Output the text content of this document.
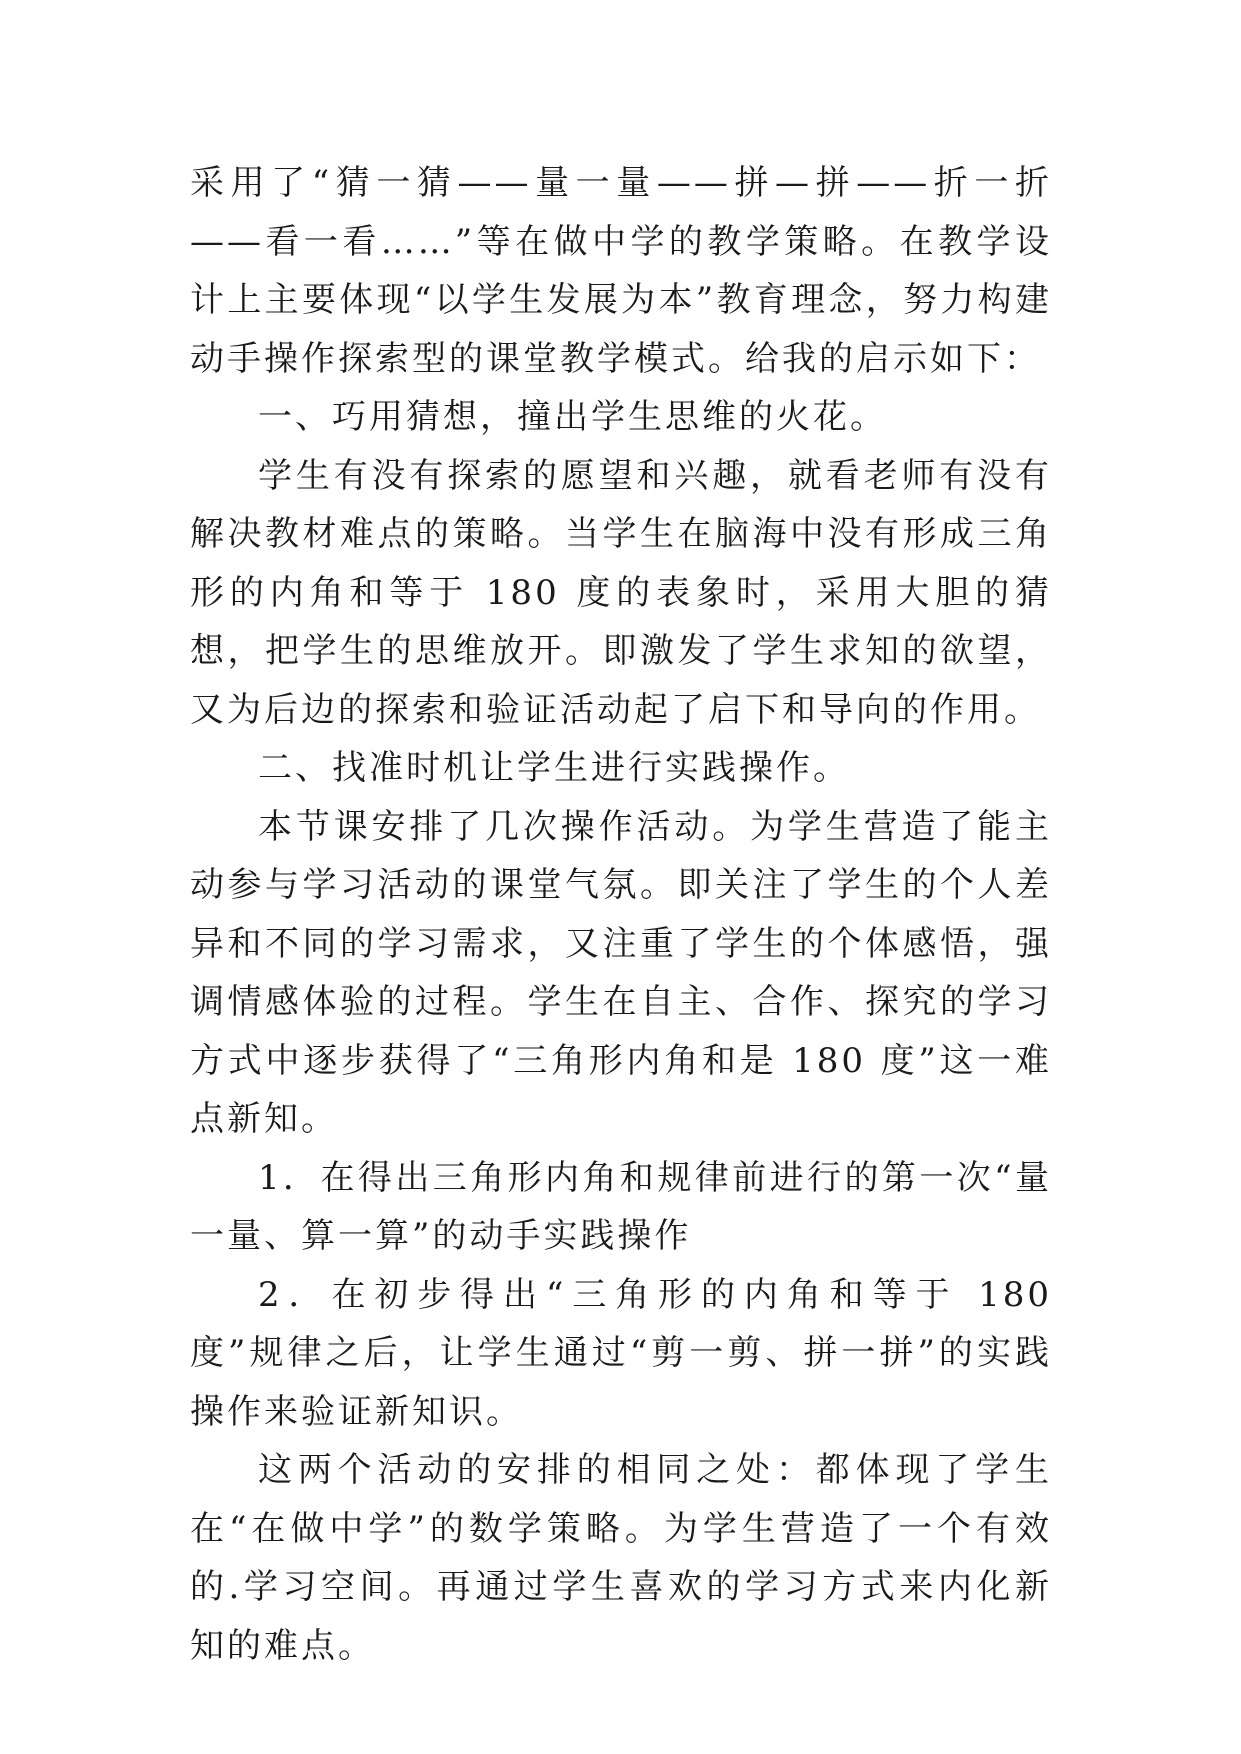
采用了“猜一猜——量一量——拼—拼——折一折——看一看……”等在做中学的教学策略。在教学设计上主要体现“以学生发展为本”教育理念，努力构建动手操作探索型的课堂教学模式。给我的启示如下：

一、巧用猜想，撞出学生思维的火花。

学生有没有探索的愿望和兴趣，就看老师有没有解决教材难点的策略。当学生在脑海中没有形成三角形的内角和等于 180 度的表象时，采用大胆的猜想，把学生的思维放开。即激发了学生求知的欲望，又为后边的探索和验证活动起了启下和导向的作用。

二、找准时机让学生进行实践操作。

本节课安排了几次操作活动。为学生营造了能主动参与学习活动的课堂气氛。即关注了学生的个人差异和不同的学习需求，又注重了学生的个体感悟，强调情感体验的过程。学生在自主、合作、探究的学习方式中逐步获得了“三角形内角和是 180 度”这一难点新知。

1．在得出三角形内角和规律前进行的第一次“量一量、算一算”的动手实践操作

2．在初步得出“三角形的内角和等于 180 度”规律之后，让学生通过“剪一剪、拼一拼”的实践操作来验证新知识。

这两个活动的安排的相同之处：都体现了学生在“在做中学”的数学策略。为学生营造了一个有效的.学习空间。再通过学生喜欢的学习方式来内化新知的难点。
